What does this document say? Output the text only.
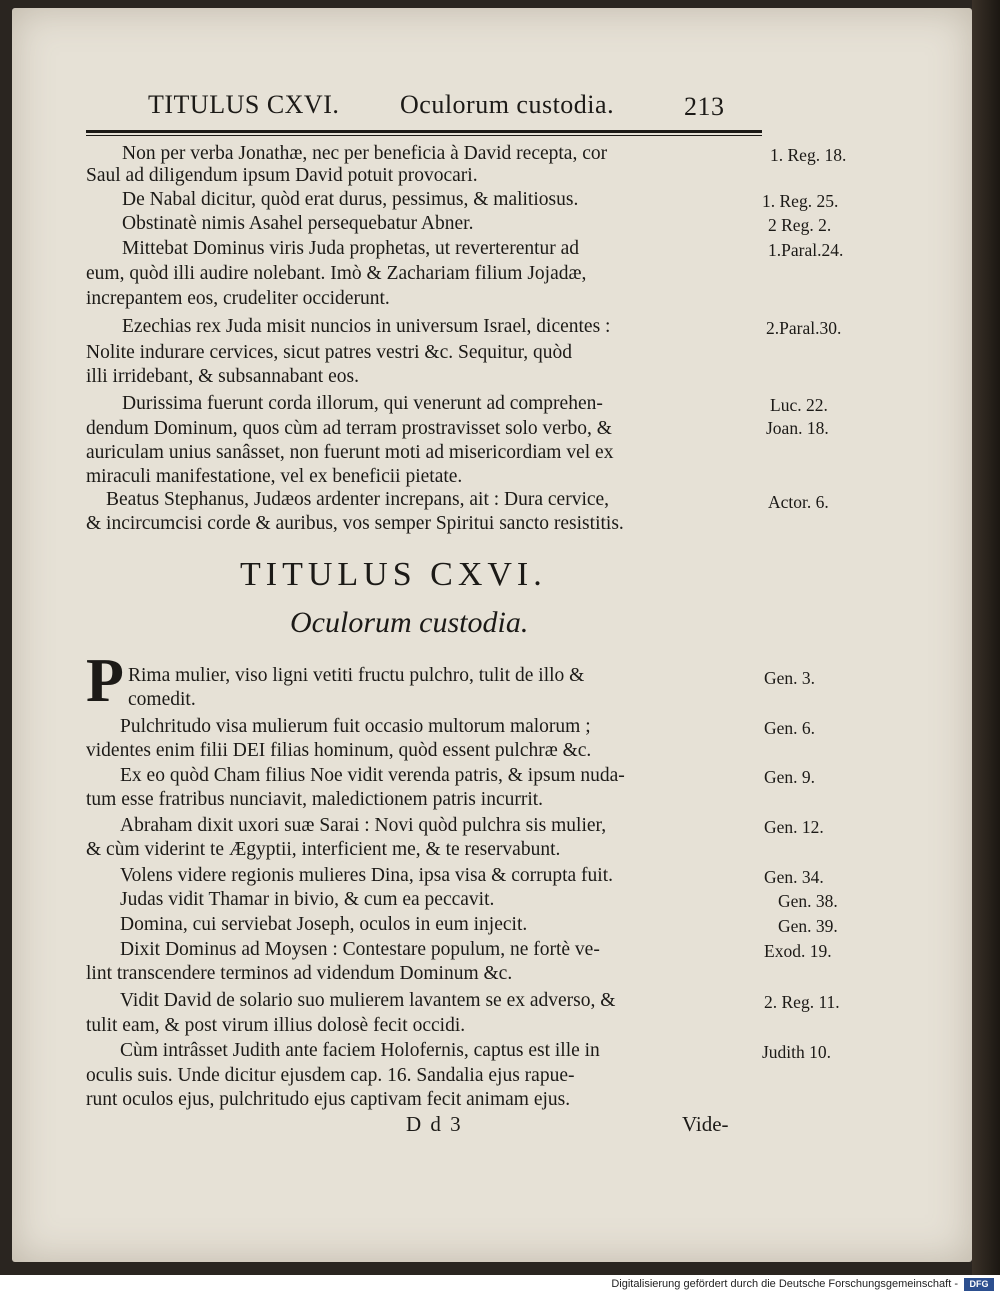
TITULUS CXVI. Oculorum custodia.	213
Non per verba Jonathæ, nec per beneficia à David recepta, cor
Saul ad diligendum ipsum David potuit provocari.
De Nabal dicitur, quòd erat durus, pessimus, & malitiosus.
Obstinatè nimis Asahel persequebatur Abner.
Mittebat Dominus viris Juda prophetas, ut reverterentur ad
eum, quòd illi audire nolebant. Imò & Zachariam filium Jojadæ,
increpantem eos, crudeliter occiderunt.
Ezechias rex Juda misit nuncios in universum Israel, dicentes :
Nolite indurare cervices, sicut patres vestri &c. Sequitur, quòd
illi irridebant, & subsannabant eos.
Durissima fuerunt corda illorum, qui venerunt ad comprehen-
dendum Dominum, quos cùm ad terram prostravisset solo verbo, &
auriculam unius sanâsset, non fuerunt moti ad misericordiam vel ex
miraculi manifestatione, vel ex beneficii pietate.
Beatus Stephanus, Judæos ardenter increpans, ait : Dura cervice,
& incircumcisi corde & auribus, vos semper Spiritui sancto resistitis.
1. Reg. 18.
1. Reg. 25.
2 Reg. 2.
1.Paral.24.
2.Paral.30.
Luc. 22.
Joan. 18.
Actor. 6.
TITULUS CXVI.
Oculorum custodia.
P Rima mulier, viso ligni vetiti fructu pulchro, tulit de illo &
comedit.
Pulchritudo visa mulierum fuit occasio multorum malorum ;
videntes enim filii DEI filias hominum, quòd essent pulchræ &c.
Ex eo quòd Cham filius Noe vidit verenda patris, & ipsum nuda-
tum esse fratribus nunciavit, maledictionem patris incurrit.
Abraham dixit uxori suæ Sarai : Novi quòd pulchra sis mulier,
& cùm viderint te Ægyptii, interficient me, & te reservabunt.
Volens videre regionis mulieres Dina, ipsa visa & corrupta fuit.
Judas vidit Thamar in bivio, & cum ea peccavit.
Domina, cui serviebat Joseph, oculos in eum injecit.
Dixit Dominus ad Moysen : Contestare populum, ne fortè ve-
lint transcendere terminos ad videndum Dominum &c.
Vidit David de solario suo mulierem lavantem se ex adverso, &
tulit eam, & post virum illius dolosè fecit occidi.
Cùm intrâsset Judith ante faciem Holofernis, captus est ille in
oculis suis. Unde dicitur ejusdem cap. 16. Sandalia ejus rapue-
runt oculos ejus, pulchritudo ejus captivam fecit animam ejus.
Gen. 3.
Gen. 6.
Gen. 9.
Gen. 12.
Gen. 34.
Gen. 38.
Gen. 39.
Exod. 19.
2. Reg. 11.
Judith 10.
D d 3	Vide-
Digitalisierung gefördert durch die Deutsche Forschungsgemeinschaft -	DFG
